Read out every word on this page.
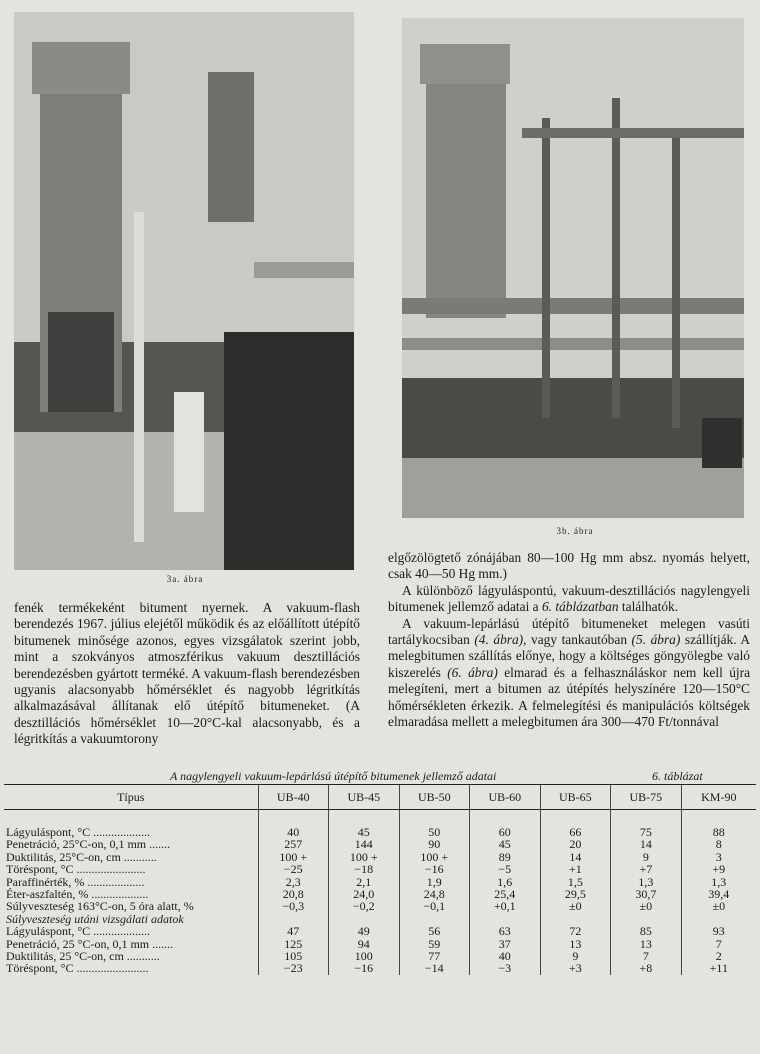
3a. ábra
3b. ábra

fenék termékeként bitument nyernek. A vakuum-flash berendezés 1967. július elejétől működik és az előállított útépítő bitumenek minősége azonos, egyes vizsgálatok szerint jobb, mint a szokványos atmoszférikus vakuum desztillációs berendezésben gyártott terméké. A vakuum-flash berendezésben ugyanis alacsonyabb hőmérséklet és nagyobb légritkítás alkalmazásával állítanak elő útépítő bitumeneket. (A desztillációs hőmérséklet 10—20°C-kal alacsonyabb, és a légritkítás a vakuumtorony

elgőzölögtető zónájában 80—100 Hg mm absz. nyomás helyett, csak 40—50 Hg mm.)

A különböző lágyuláspontú, vakuum-desztillációs nagylengyeli bitumenek jellemző adatai a 6. táblázatban találhatók.

A vakuum-lepárlású útépítő bitumeneket melegen vasúti tartálykocsiban (4. ábra), vagy tankautóban (5. ábra) szállítják. A melegbitumen szállítás előnye, hogy a költséges göngyölegbe való kiszerelés (6. ábra) elmarad és a felhasználáskor nem kell újra melegíteni, mert a bitumen az útépítés helyszínére 120—150°C hőmérsékleten érkezik. A felmelegítési és manipulációs költségek elmaradása mellett a melegbitumen ára 300—470 Ft/tonnával

A nagylengyeli vakuum-lepárlású útépítő bitumenek jellemző adatai	6. táblázat
Típus	UB-40	UB-45	UB-50	UB-60	UB-65	UB-75	KM-90

Lágyuláspont, °C ...................	40	45	50	60	66	75	88
Penetráció, 25°C-on, 0,1 mm .......	257	144	90	45	20	14	8
Duktilitás, 25°C-on, cm ...........	100 +	100 +	100 +	89	14	9	3
Töréspont, °C .......................	−25	−18	−16	−5	+1	+7	+9
Paraffinérték, % ...................	2,3	2,1	1,9	1,6	1,5	1,3	1,3
Éter-aszfaltén, % ...................	20,8	24,0	24,8	25,4	29,5	30,7	39,4
Súlyveszteség 163°C-on, 5 óra alatt, %	−0,3	−0,2	−0,1	+0,1	±0	±0	±0
Súlyveszteség utáni vizsgálati adatok							
Lágyuláspont, °C ...................	47	49	56	63	72	85	93
Penetráció, 25 °C-on, 0,1 mm .......	125	94	59	37	13	13	7
Duktilitás, 25 °C-on, cm ...........	105	100	77	40	9	7	2
Töréspont, °C ........................	−23	−16	−14	−3	+3	+8	+11
